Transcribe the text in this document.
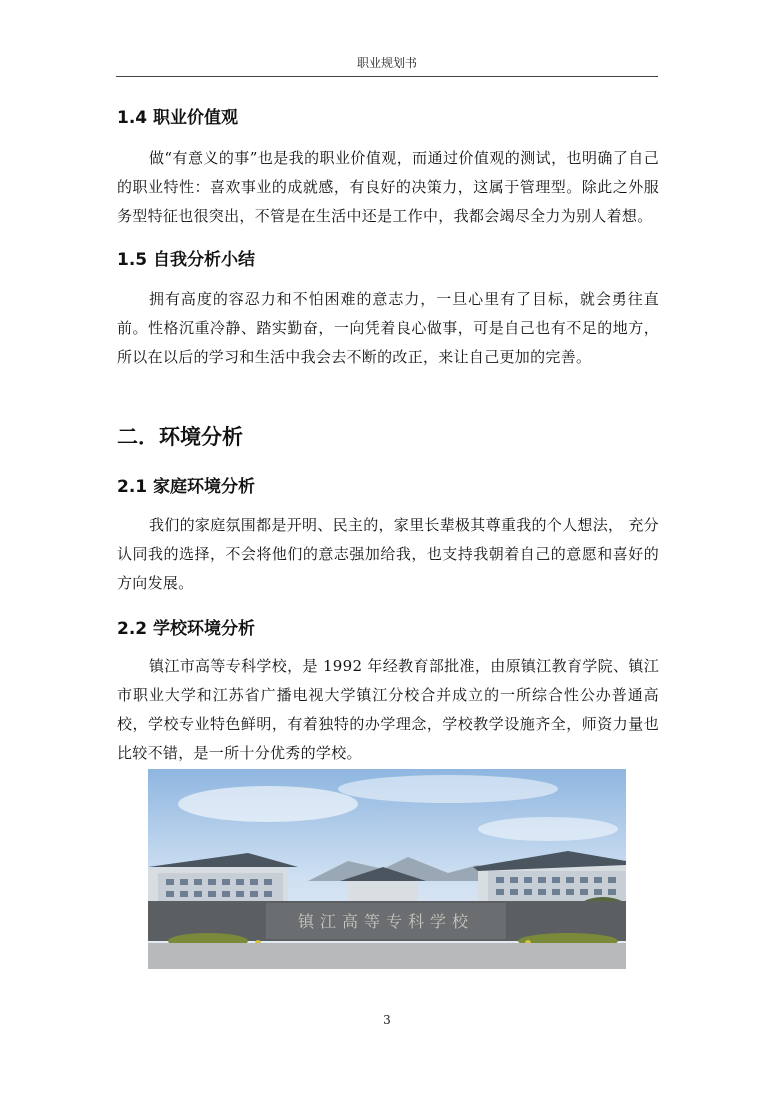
职业规划书
1.4 职业价值观

做“有意义的事”也是我的职业价值观，而通过价值观的测试，也明确了自己的职业特性：喜欢事业的成就感，有良好的决策力，这属于管理型。除此之外服务型特征也很突出，不管是在生活中还是工作中，我都会竭尽全力为别人着想。

1.5 自我分析小结

拥有高度的容忍力和不怕困难的意志力，一旦心里有了目标，就会勇往直前。性格沉重冷静、踏实勤奋，一向凭着良心做事，可是自己也有不足的地方，所以在以后的学习和生活中我会去不断的改正，来让自己更加的完善。

二．环境分析
2.1 家庭环境分析

我们的家庭氛围都是开明、民主的，家里长辈极其尊重我的个人想法， 充分认同我的选择，不会将他们的意志强加给我，也支持我朝着自己的意愿和喜好的方向发展。

2.2 学校环境分析

镇江市高等专科学校，是 1992 年经教育部批准，由原镇江教育学院、镇江市职业大学和江苏省广播电视大学镇江分校合并成立的一所综合性公办普通高校，学校专业特色鲜明，有着独特的办学理念，学校教学设施齐全，师资力量也比较不错，是一所十分优秀的学校。

镇江高等专科学校
3
